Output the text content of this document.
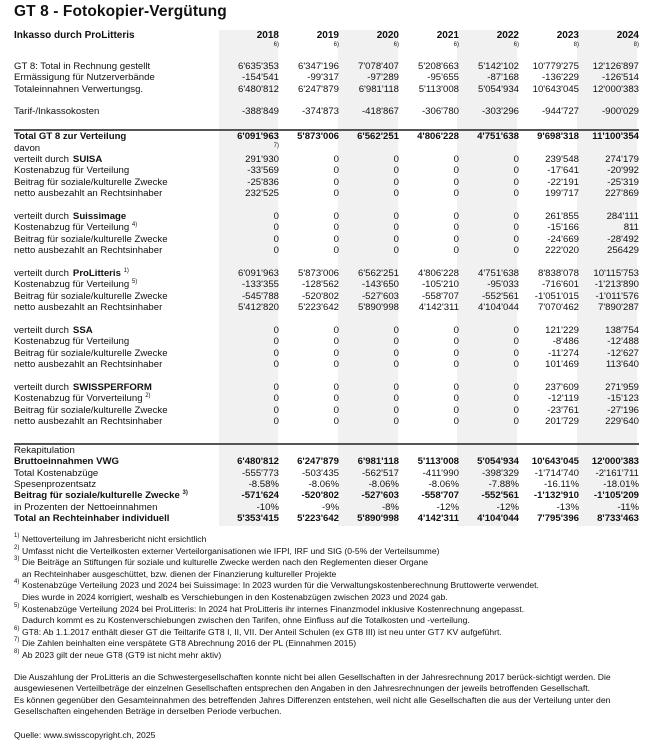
GT 8 - Fotokopier-Vergütung
Inkasso durch ProLitteris	2018	2019	2020	2021	2022	2023	2024
	6)	6)	6)	6)	6)	8)	8)

GT 8: Total in Rechnung gestellt	6'635'353	6'347'196	7'078'407	5'208'663	5'142'102	10'779'275	12'126'897
Ermässigung für Nutzerverbände	-154'541	-99'317	-97'289	-95'655	-87'168	-136'229	-126'514
Totaleinnahnen Verwertungsg.	6'480'812	6'247'879	6'981'118	5'113'008	5'054'934	10'643'045	12'000'383

Tarif-/Inkassokosten	-388'849	-374'873	-418'867	-306'780	-303'296	-944'727	-900'029

Total GT 8 zur Verteilung	6'091'963	5'873'006	6'562'251	4'806'228	4'751'638	9'698'318	11'100'354
davon	7)						
verteilt durch SUISA	291'930	0	0	0	0	239'548	274'179
Kostenabzug für Verteilung	-33'569	0	0	0	0	-17'641	-20'992
Beitrag für soziale/kulturelle Zwecke	-25'836	0	0	0	0	-22'191	-25'319
netto ausbezahlt an Rechtsinhaber	232'525	0	0	0	0	199'717	227'869

verteilt durch Suissimage	0	0	0	0	0	261'855	284'111
Kostenabzug für Verteilung $^{4)}$	0	0	0	0	0	-15'166	811
Beitrag für soziale/kulturelle Zwecke	0	0	0	0	0	-24'669	-28'492
netto ausbezahlt an Rechtsinhaber	0	0	0	0	0	222'020	256429

verteilt durch ProLitteris $^{1)}$	6'091'963	5'873'006	6'562'251	4'806'228	4'751'638	8'838'078	10'115'753
Kostenabzug für Verteilung $^{5)}$	-133'355	-128'562	-143'650	-105'210	-95'033	-716'601	-1'213'890
Beitrag für soziale/kulturelle Zwecke	-545'788	-520'802	-527'603	-558'707	-552'561	-1'051'015	-1'011'576
netto ausbezahlt an Rechtsinhaber	5'412'820	5'223'642	5'890'998	4'142'311	4'104'044	7'070'462	7'890'287

verteilt durch SSA	0	0	0	0	0	121'229	138'754
Kostenabzug für Verteilung	0	0	0	0	0	-8'486	-12'488
Beitrag für soziale/kulturelle Zwecke	0	0	0	0	0	-11'274	-12'627
netto ausbezahlt an Rechtsinhaber	0	0	0	0	0	101'469	113'640

verteilt durch SWISSPERFORM	0	0	0	0	0	237'609	271'959
Kostenabzug für Vorverteilung $^{2)}$	0	0	0	0	0	-12'119	-15'123
Beitrag für soziale/kulturelle Zwecke	0	0	0	0	0	-23'761	-27'196
netto ausbezahlt an Rechtsinhaber	0	0	0	0	0	201'729	229'640

Rekapitulation							
Bruttoeinnahmen VWG	6'480'812	6'247'879	6'981'118	5'113'008	5'054'934	10'643'045	12'000'383
Total Kostenabzüge	-555'773	-503'435	-562'517	-411'990	-398'329	-1'714'740	-2'161'711
Spesenprozentsatz	-8.58%	-8.06%	-8.06%	-8.06%	-7.88%	-16.11%	-18.01%
Beitrag für soziale/kulturelle Zwecke $^{3)}$	-571'624	-520'802	-527'603	-558'707	-552'561	-1'132'910	-1'105'209
in Prozenten der Nettoeinnahmen	-10%	-9%	-8%	-12%	-12%	-13%	-11%
Total an Rechteinhaber individuell	5'353'415	5'223'642	5'890'998	4'142'311	4'104'044	7'795'396	8'733'463
1) Nettoverteilung im Jahresbericht nicht ersichtlich
2) Umfasst nicht die Verteilkosten externer Verteilorganisationen wie IFPI, IRF und SIG (0-5% der Verteilsumme)
3) Die Beiträge an Stiftungen für soziale und kulturelle Zwecke werden nach den Reglementen dieser Organe
an Rechteinhaber ausgeschüttet, bzw. dienen der Finanzierung kultureller Projekte
4) Kostenabzüge Verteilung 2023 und 2024 bei Suissimage: In 2023 wurden für die Verwaltungskostenberechnung Bruttowerte verwendet.
Dies wurde in 2024 korrigiert, weshalb es Verschiebungen in den Kostenabzügen zwischen 2023 und 2024 gab.
5) Kostenabzüge Verteilung 2024 bei ProLitteris: In 2024 hat ProLitteris ihr internes Finanzmodel inklusive Kostenrechnung angepasst.
Dadurch kommt es zu Kostenverschiebungen zwischen den Tarifen, ohne Einfluss auf die Totalkosten und -verteilung.
6) GT8: Ab 1.1.2017 enthält dieser GT die Teiltarife GT8 I, II, VII. Der Anteil Schulen (ex GT8 III) ist neu unter GT7 KV aufgeführt.
7) Die Zahlen beinhalten eine verspätete GT8 Abrechnung 2016 der PL (Einnahmen 2015)
8) Ab 2023 gilt der neue GT8 (GT9 ist nicht mehr aktiv)
Die Auszahlung der ProLitteris an die Schwestergesellschaften konnte nicht bei allen Gesellschaften in der Jahresrechnung 2017 berück-sichtigt werden. Die ausgewiesenen Verteilbeträge der einzelnen Gesellschaften entsprechen den Angaben in den Jahresrechnungen der jeweils betroffenden Gesellschaft.
Es können gegenüber den Gesamteinnahmen des betreffenden Jahres Differenzen entstehen, weil nicht alle Gesellschaften die aus der Verteilung unter den Gesellschaften eingehenden Beträge in derselben Periode verbuchen.
Quelle: www.swisscopyright.ch, 2025
